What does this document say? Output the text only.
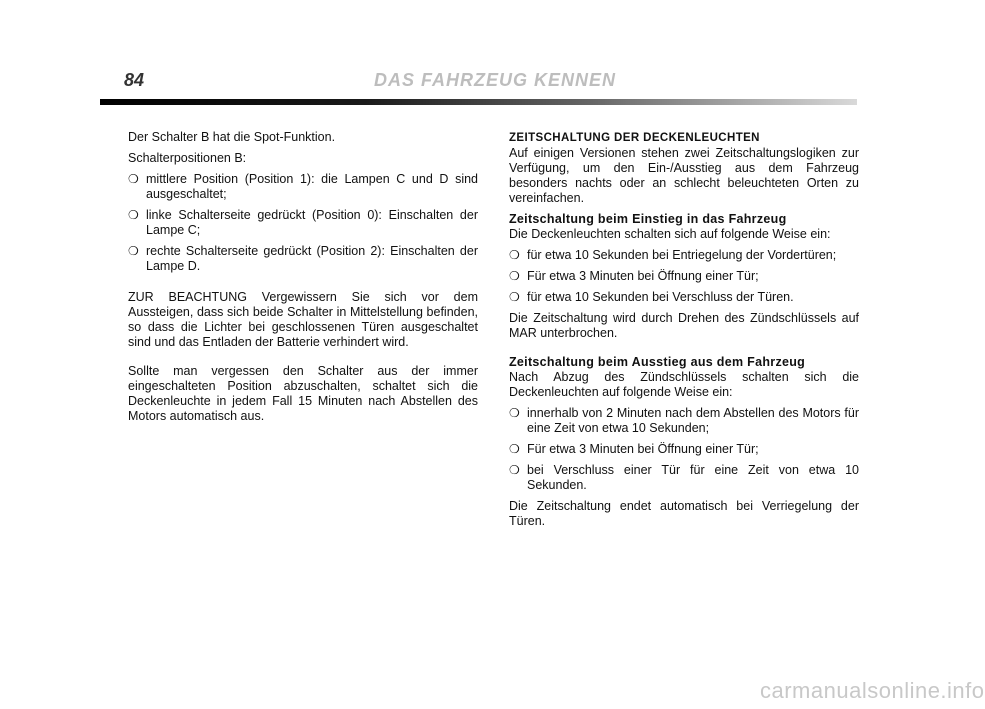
84	DAS FAHRZEUG KENNEN

Der Schalter B hat die Spot-Funktion.

Schalterpositionen B:

❍ mittlere Position (Position 1): die Lampen C und D sind ausgeschaltet;
❍ linke Schalterseite gedrückt (Position 0): Einschalten der Lampe C;
❍ rechte Schalterseite gedrückt (Position 2): Einschalten der Lampe D.

ZUR BEACHTUNG Vergewissern Sie sich vor dem Aussteigen, dass sich beide Schalter in Mittelstellung befinden, so dass die Lichter bei geschlossenen Türen ausgeschaltet sind und das Entladen der Batterie verhindert wird.

Sollte man vergessen den Schalter aus der immer eingeschalteten Position abzuschalten, schaltet sich die Deckenleuchte in jedem Fall 15 Minuten nach Abstellen des Motors automatisch aus.

ZEITSCHALTUNG DER DECKENLEUCHTEN

Auf einigen Versionen stehen zwei Zeitschaltungslogiken zur Verfügung, um den Ein-/Ausstieg aus dem Fahrzeug besonders nachts oder an schlecht beleuchteten Orten zu vereinfachen.

Zeitschaltung beim Einstieg in das Fahrzeug

Die Deckenleuchten schalten sich auf folgende Weise ein:

❍ für etwa 10 Sekunden bei Entriegelung der Vordertüren;
❍ Für etwa 3 Minuten bei Öffnung einer Tür;
❍ für etwa 10 Sekunden bei Verschluss der Türen.

Die Zeitschaltung wird durch Drehen des Zündschlüssels auf MAR unterbrochen.

Zeitschaltung beim Ausstieg aus dem Fahrzeug

Nach Abzug des Zündschlüssels schalten sich die Deckenleuchten auf folgende Weise ein:

❍ innerhalb von 2 Minuten nach dem Abstellen des Motors für eine Zeit von etwa 10 Sekunden;
❍ Für etwa 3 Minuten bei Öffnung einer Tür;
❍ bei Verschluss einer Tür für eine Zeit von etwa 10 Sekunden.

Die Zeitschaltung endet automatisch bei Verriegelung der Türen.

carmanualsonline.info
